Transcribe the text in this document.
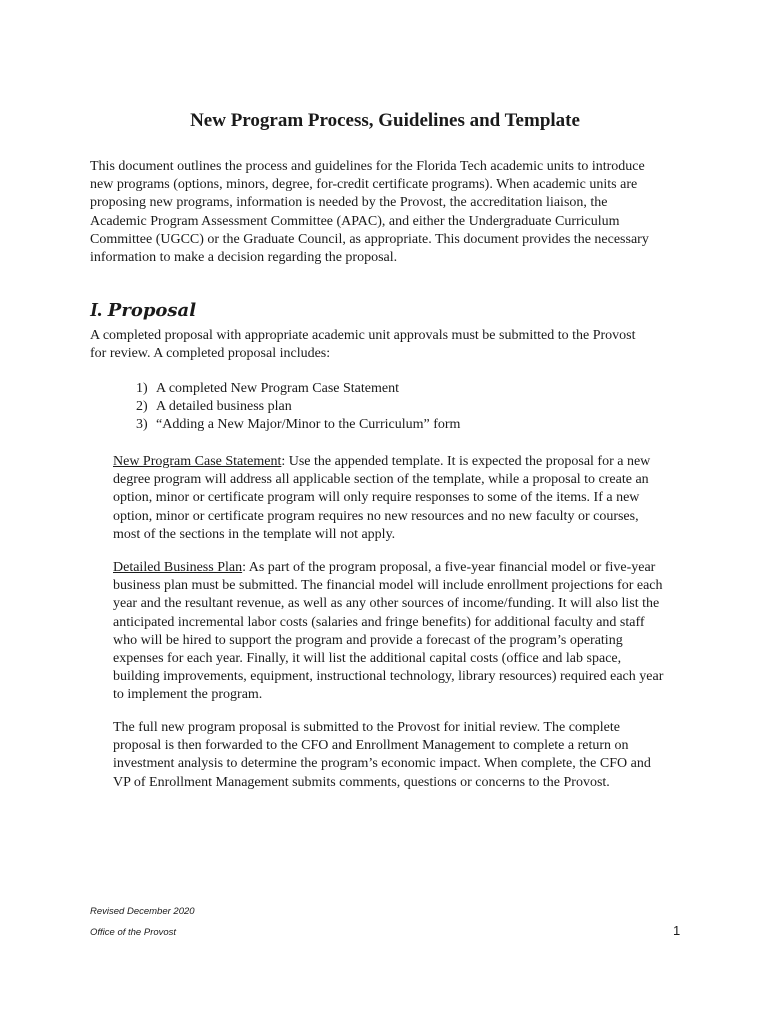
New Program Process, Guidelines and Template

This document outlines the process and guidelines for the Florida Tech academic units to introduce new programs (options, minors, degree, for-credit certificate programs). When academic units are proposing new programs, information is needed by the Provost, the accreditation liaison, the Academic Program Assessment Committee (APAC), and either the Undergraduate Curriculum Committee (UGCC) or the Graduate Council, as appropriate. This document provides the necessary information to make a decision regarding the proposal.

I. Proposal

A completed proposal with appropriate academic unit approvals must be submitted to the Provost for review. A completed proposal includes:

1) A completed New Program Case Statement
2) A detailed business plan
3) “Adding a New Major/Minor to the Curriculum” form

New Program Case Statement: Use the appended template. It is expected the proposal for a new degree program will address all applicable section of the template, while a proposal to create an option, minor or certificate program will only require responses to some of the items. If a new option, minor or certificate program requires no new resources and no new faculty or courses, most of the sections in the template will not apply.

Detailed Business Plan: As part of the program proposal, a five-year financial model or five-year business plan must be submitted. The financial model will include enrollment projections for each year and the resultant revenue, as well as any other sources of income/funding. It will also list the anticipated incremental labor costs (salaries and fringe benefits) for additional faculty and staff who will be hired to support the program and provide a forecast of the program’s operating expenses for each year. Finally, it will list the additional capital costs (office and lab space, building improvements, equipment, instructional technology, library resources) required each year to implement the program.

The full new program proposal is submitted to the Provost for initial review. The complete proposal is then forwarded to the CFO and Enrollment Management to complete a return on investment analysis to determine the program’s economic impact. When complete, the CFO and VP of Enrollment Management submits comments, questions or concerns to the Provost.

Revised December 2020

Office of the Provost	1
